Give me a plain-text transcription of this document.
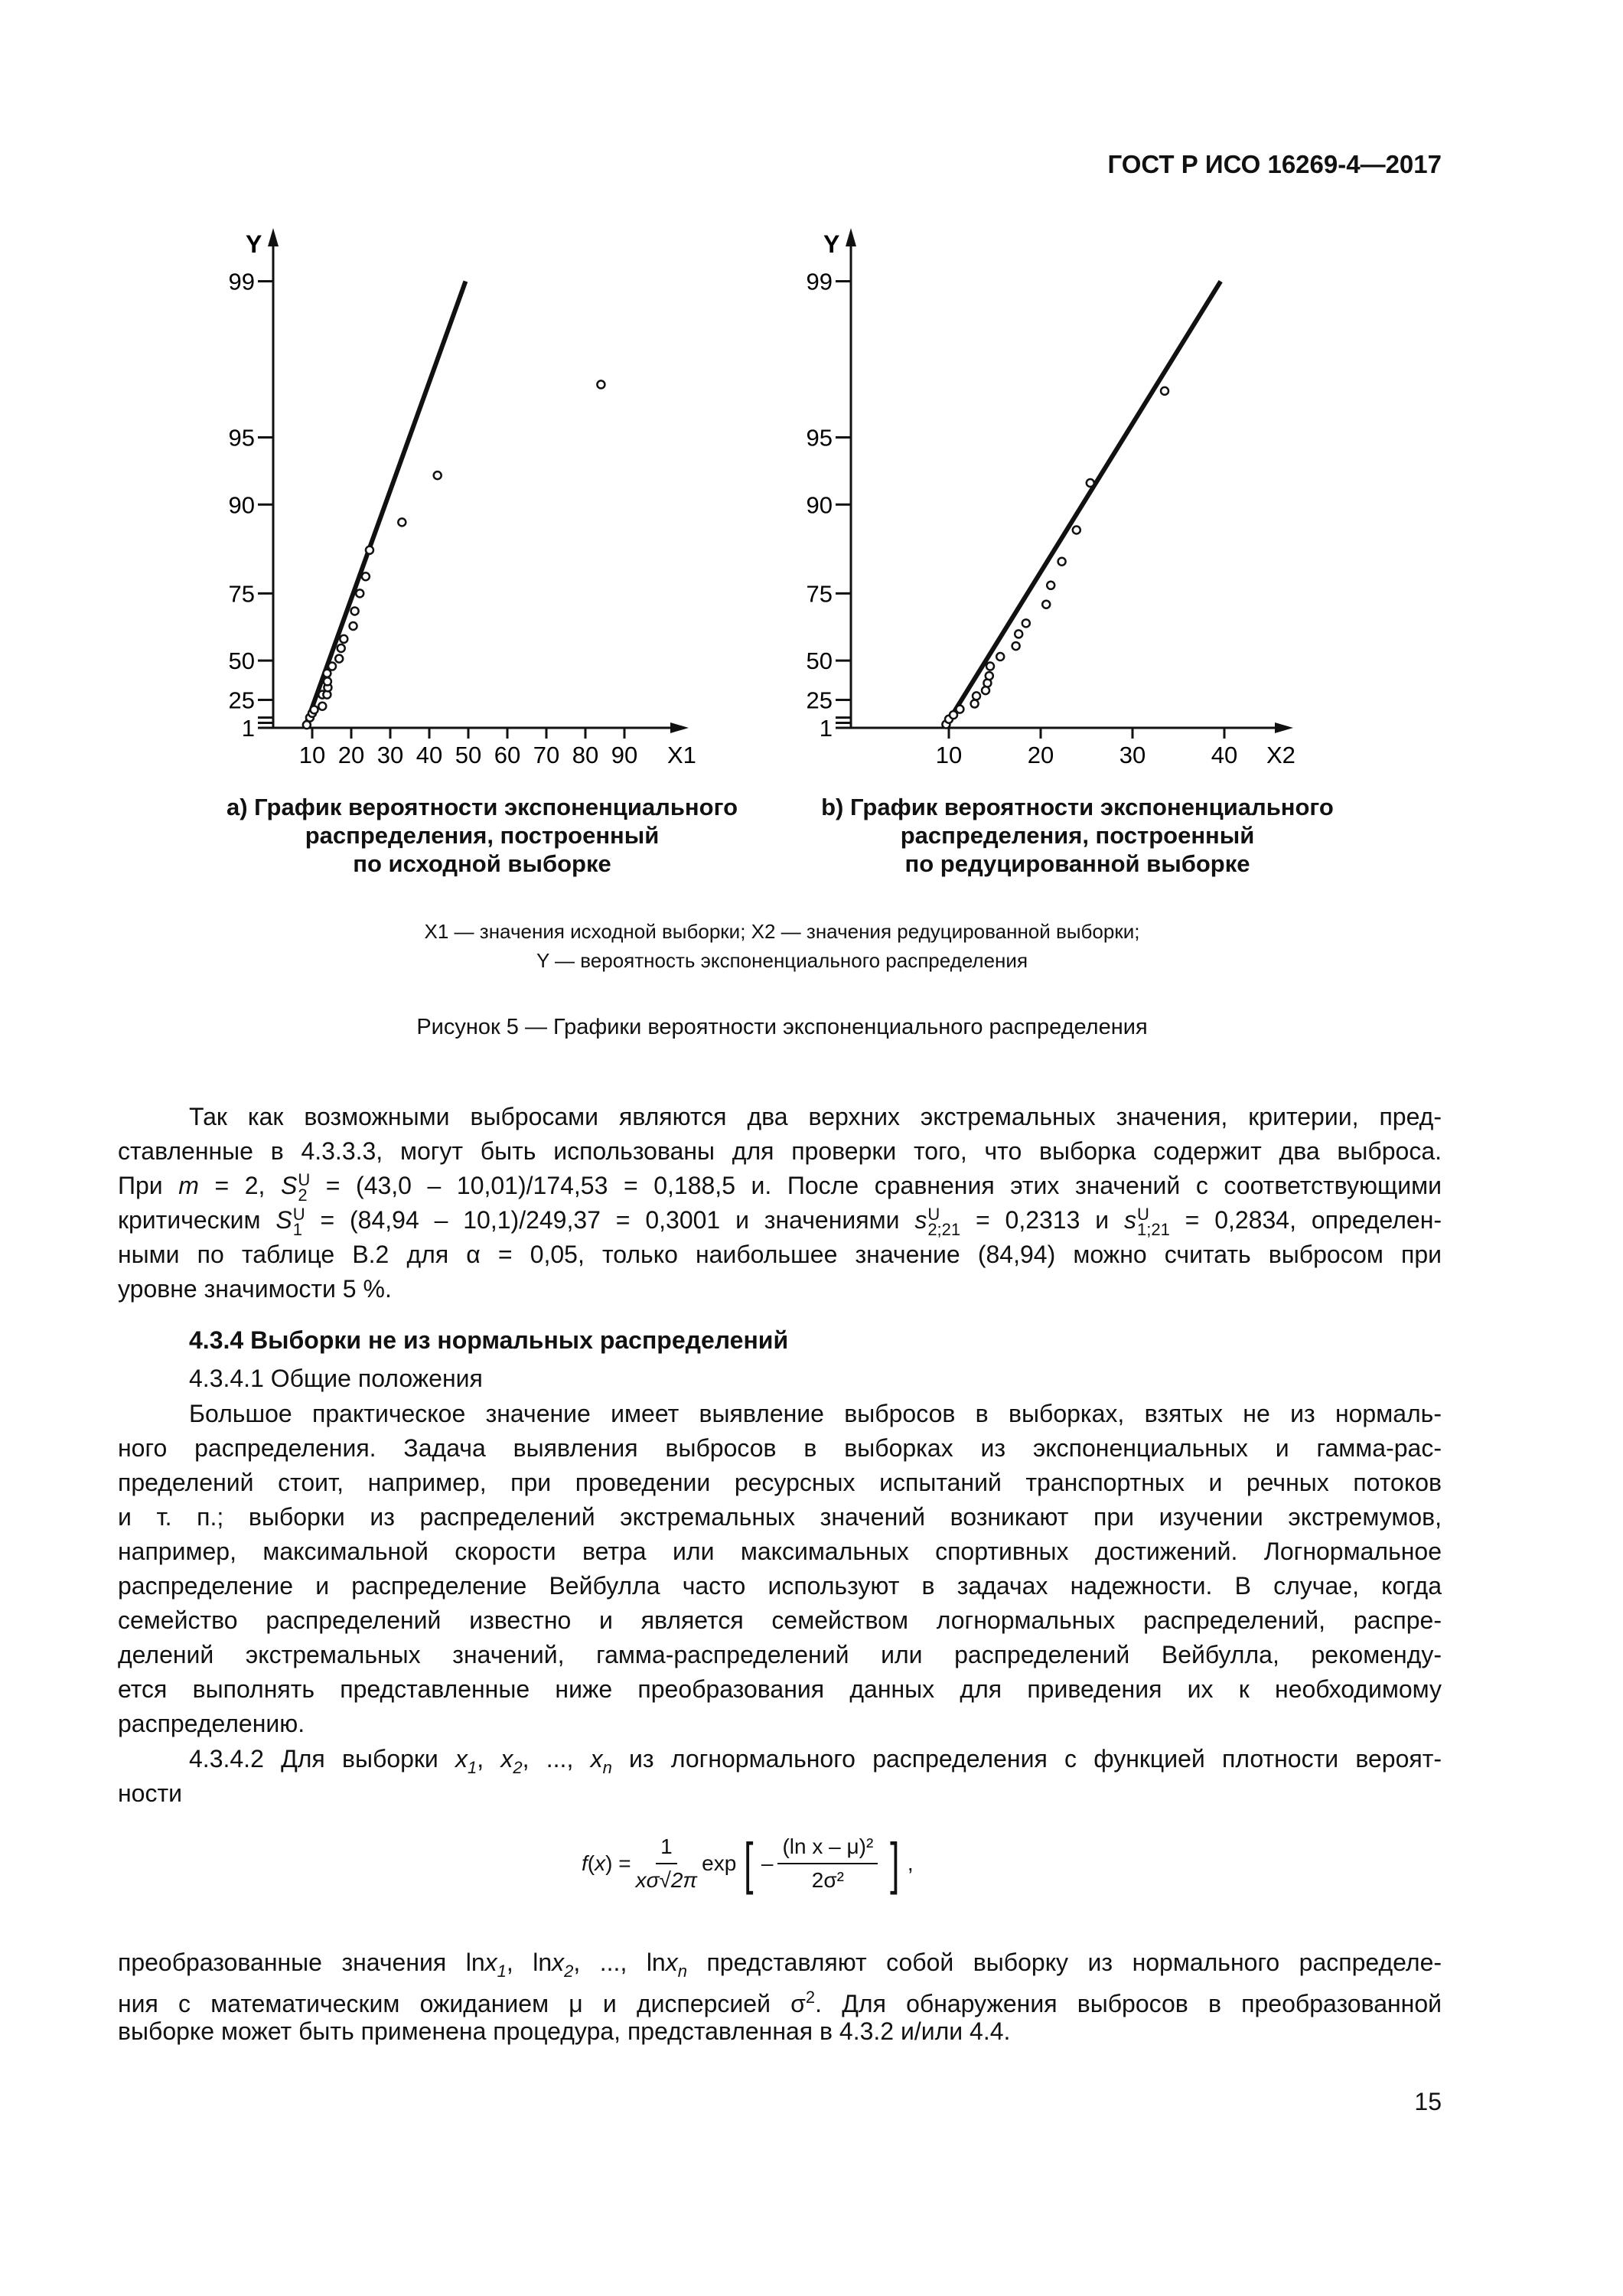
ГОСТ Р ИСО 16269-4—2017
Y
1
25
50
75
90
95
99
10 20 30 40 50 60 70 80 90 X1
Y
1
25
50
75
90
95
99
10	20	30	40 X2
a) График вероятности экспоненциального
распределения, построенный
по исходной выборке
b) График вероятности экспоненциального
распределения, построенный
по редуцированной выборке
X1 — значения исходной выборки; X2 — значения редуцированной выборки;
Y — вероятность экспоненциального распределения
Рисунок 5 — Графики вероятности экспоненциального распределения
Так как возможными выбросами являются два верхних экстремальных значения, критерии, пред-
ставленные в 4.3.3.3, могут быть использованы для проверки того, что выборка содержит два выброса.
При m = 2, S U
2 = (43,0 – 10,01)/174,53 = 0,188,5 и. После сравнения этих значений с соответствующими
критическим S U
1 = (84,94 – 10,1)/249,37 = 0,3001 и значениями s U
2;21 = 0,2313 и s U
1;21 = 0,2834, определен-
ными по таблице В.2 для α = 0,05, только наибольшее значение (84,94) можно считать выбросом при
уровне значимости 5 %.
4.3.4 Выборки не из нормальных распределений
4.3.4.1 Общие положения
Большое практическое значение имеет выявление выбросов в выборках, взятых не из нормаль-
ного распределения. Задача выявления выбросов в выборках из экспоненциальных и гамма-рас-
пределений стоит, например, при проведении ресурсных испытаний транспортных и речных потоков
и т. п.; выборки из распределений экстремальных значений возникают при изучении экстремумов,
например, максимальной скорости ветра или максимальных спортивных достижений. Логнормальное
распределение и распределение Вейбулла часто используют в задачах надежности. В случае, когда
семейство распределений известно и является семейством логнормальных распределений, распре-
делений экстремальных значений, гамма-распределений или распределений Вейбулла, рекоменду-
ется выполнять представленные ниже преобразования данных для приведения их к необходимому
распределению.
4.3.4.2 Для выборки $x_1$, $x_2$, ..., $x_n$ из логнормального распределения с функцией плотности вероят-
ности
f ( x ) = $\frac{1}{x\sigma√2\pi}$ exp [ – $\frac{\text{(ln x – μ)²}}{\text{2σ²}}$ ] ,
преобразованные значения lnx$_1$, lnx$_2$, ..., lnx$_n$ представляют собой выборку из нормального распределе-
ния с математическим ожиданием μ и дисперсией $\sigma^2$. Для обнаружения выбросов в преобразованной
выборке может быть применена процедура, представленная в 4.3.2 и/или 4.4.
15
